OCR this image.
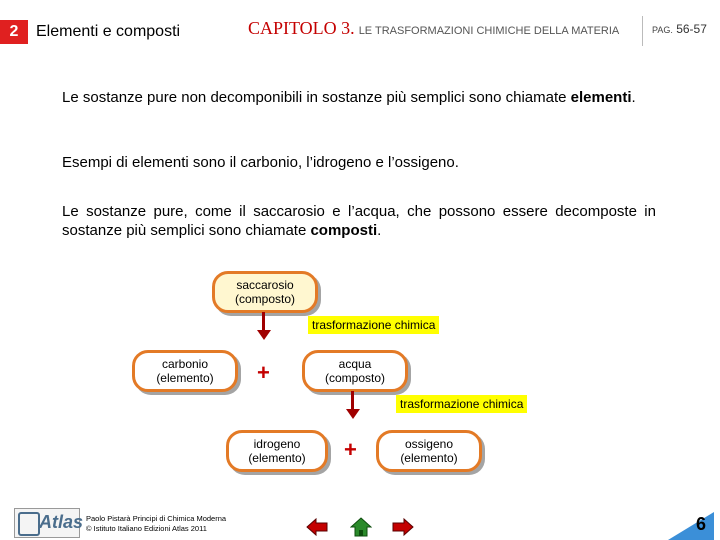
2	Elementi e composti	CAPITOLO 3. LE TRASFORMAZIONI CHIMICHE DELLA MATERIA	PAG. 56-57
Le sostanze pure non decomponibili in sostanze più semplici sono chiamate elementi.
Esempi di elementi sono il carbonio, l’idrogeno e l’ossigeno.
Le sostanze pure, come il saccarosio e l’acqua, che possono essere decomposte in sostanze più semplici sono chiamate composti.
saccarosio
(composto)
trasformazione chimica
carbonio
(elemento) +	acqua
(composto)
trasformazione chimica
idrogeno
(elemento) +	ossigeno
(elemento)
Atlas Paolo Pistarà Principi di Chimica Moderna
© Istituto Italiano Edizioni Atlas 2011	6
